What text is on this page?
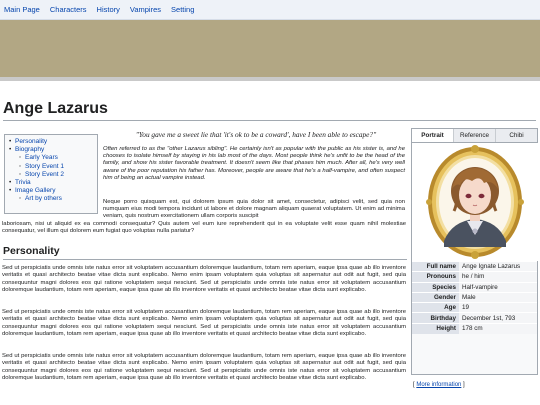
Main Page Characters History Vampires Setting
Ange Lazarus
• Personality
• Biography
◦ Early Years
◦ Story Event 1
◦ Story Event 2
• Trivia
• Image Gallery
◦ Art by others

"You gave me a sweet lie that 'it's ok to be a coward', have I been able to escape?"

Often referred to as the "other Lazarus sibling". He certainly isn't as popular with the public as his sister is, and he chooses to isolate himself by staying in his lab most of the days. Most people think he's unfit to be the head of the family, and show his sister favorable treatment. It doesn't seem like that phases him much. After all, he's very well aware of the poor reputation his father has. Moreover, people are aware that he's a half-vampire, and often suspect him of being an actual vampire instead.

Neque porro quisquam est, qui dolorem ipsum quia dolor sit amet, consectetur, adipisci velit, sed quia non numquam eius modi tempora incidunt ut labore et dolore magnam aliquam quaerat voluptatem. Ut enim ad minima veniam, quis nostrum exercitationem ullam corporis suscipit

laboriosam, nisi ut aliquid ex ea commodi consequatur? Quis autem vel eum iure reprehenderit qui in ea voluptate velit esse quam nihil molestiae consequatur, vel illum qui dolorem eum fugiat quo voluptas nulla pariatur?

Personality

Sed ut perspiciatis unde omnis iste natus error sit voluptatem accusantium doloremque laudantium, totam rem aperiam, eaque ipsa quae ab illo inventore veritatis et quasi architecto beatae vitae dicta sunt explicabo. Nemo enim ipsam voluptatem quia voluptas sit aspernatur aut odit aut fugit, sed quia consequuntur magni dolores eos qui ratione voluptatem sequi nesciunt. Sed ut perspiciatis unde omnis iste natus error sit voluptatem accusantium doloremque laudantium, totam rem aperiam, eaque ipsa quae ab illo inventore veritatis et quasi architecto beatae vitae dicta sunt explicabo.

Sed ut perspiciatis unde omnis iste natus error sit voluptatem accusantium doloremque laudantium, totam rem aperiam, eaque ipsa quae ab illo inventore veritatis et quasi architecto beatae vitae dicta sunt explicabo. Nemo enim ipsam voluptatem quia voluptas sit aspernatur aut odit aut fugit, sed quia consequuntur magni dolores eos qui ratione voluptatem sequi nesciunt. Sed ut perspiciatis unde omnis iste natus error sit voluptatem accusantium doloremque laudantium, totam rem aperiam, eaque ipsa quae ab illo inventore veritatis et quasi architecto beatae vitae dicta sunt explicabo.

Sed ut perspiciatis unde omnis iste natus error sit voluptatem accusantium doloremque laudantium, totam rem aperiam, eaque ipsa quae ab illo inventore veritatis et quasi architecto beatae vitae dicta sunt explicabo. Nemo enim ipsam voluptatem quia voluptas sit aspernatur aut odit aut fugit, sed quia consequuntur magni dolores eos qui ratione voluptatem sequi nesciunt. Sed ut perspiciatis unde omnis iste natus error sit voluptatem accusantium doloremque laudantium, totam rem aperiam, eaque ipsa quae ab illo inventore veritatis et quasi architecto beatae vitae dicta sunt explicabo.

Portrait	Reference	Chibi
Full name	Ange Ignate Lazarus
Pronouns	he / him
Species	Half-vampire
Gender	Male
Age	19
Birthday	December 1st, 793
Height	178 cm
[ More information ]
